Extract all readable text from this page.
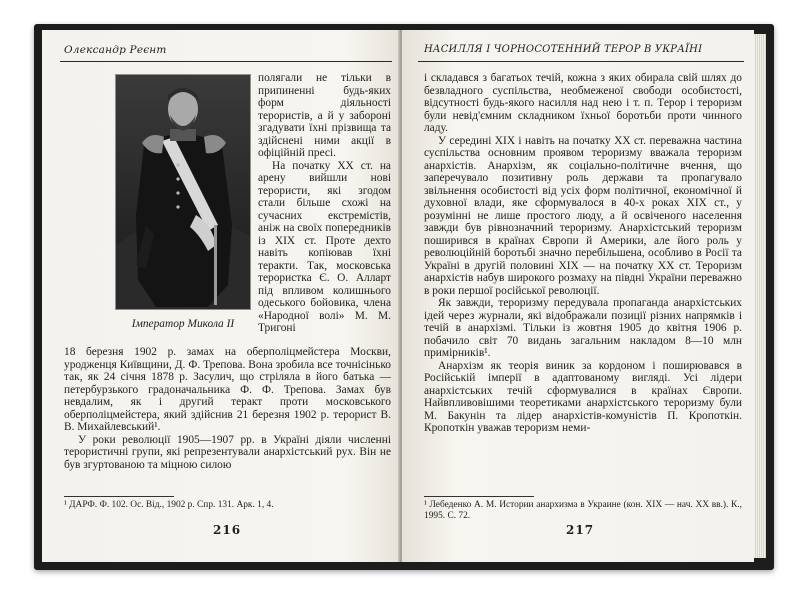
Олександр Реєнт
Імператор Микола II

полягали не тільки в припиненні будь-яких форм діяльності терористів, а й у забороні згадувати їхні прізвища та здійснені ними акції в офіційній пресі.

На початку XX ст. на арену вийшли нові терористи, які згодом стали більше схожі на сучасних екстремістів, аніж на своїх попередників із XIX ст. Проте дехто навіть копіював їхні теракти. Так, московська терористка Є. О. Алларт під впливом колишнього одеського бойовика, члена «Народної волі» М. М. Тригоні

18 березня 1902 р. замах на оберполіцмейстера Москви, уродженця Київщини, Д. Ф. Трепова. Вона зробила все точнісінько так, як 24 січня 1878 р. Засулич, що стріляла в його батька — петербурзького градоначальника Ф. Ф. Трепова. Замах був невдалим, як і другий теракт проти московського оберполіцмейстера, який здійснив 21 березня 1902 р. терорист В. В. Михайлевський¹.

У роки революції 1905—1907 рр. в Україні діяли численні терористичні групи, які репрезентували анархістський рух. Він не був згуртованою та міцною силою

¹ ДАРФ. Ф. 102. Ос. Від., 1902 р. Спр. 131. Арк. 1, 4.
216
НАСИЛЛЯ І ЧОРНОСОТЕННИЙ ТЕРОР В УКРАЇНІ

і складався з багатьох течій, кожна з яких обирала свій шлях до безвладного суспільства, необмеженої свободи особистості, відсутності будь-якого насилля над нею і т. п. Терор і тероризм були невід'ємним складником їхньої боротьби проти чинного ладу.

У середині XIX і навіть на початку XX ст. переважна частина суспільства основним проявом тероризму вважала тероризм анархістів. Анархізм, як соціально-політичне вчення, що заперечувало позитивну роль держави та пропагувало звільнення особистості від усіх форм політичної, економічної й духовної влади, яке сформувалося в 40-х роках XIX ст., у розумінні не лише простого люду, а й освіченого населення завжди був рівнозначний тероризму. Анархістський тероризм поширився в країнах Європи й Америки, але його роль у революційній боротьбі значно перебільшена, особливо в Росії та Україні в другій половині XIX — на початку XX ст. Тероризм анархістів набув широкого розмаху на півдні України переважно в роки першої російської революції.

Як завжди, тероризму передувала пропаганда анархістських ідей через журнали, які відображали позиції різних напрямків і течій в анархізмі. Тільки із жовтня 1905 до квітня 1906 р. побачило світ 70 видань загальним накладом 8—10 млн примірників¹.

Анархізм як теорія виник за кордоном і поширювався в Російській імперії в адаптованому вигляді. Усі лідери анархістських течій сформувалися в країнах Європи. Найвпливовішими теоретиками анархістського тероризму були М. Бакунін та лідер анархістів-комуністів П. Кропоткін. Кропоткін уважав тероризм неми-

¹ Лебеденко А. М. Истории анархизма в Украине (кон. XIX — нач. XX вв.). К., 1995. С. 72.
217
